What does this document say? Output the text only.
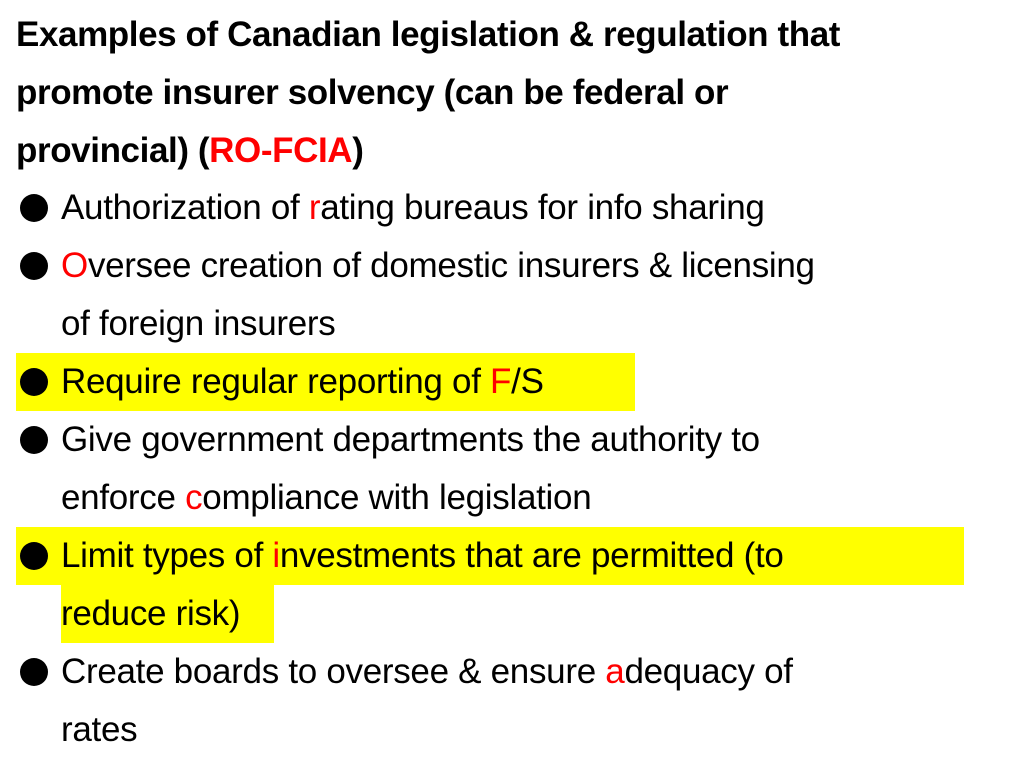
Examples of Canadian legislation & regulation that
promote insurer solvency (can be federal or
provincial) (RO-FCIA)
Authorization of rating bureaus for info sharing
Oversee creation of domestic insurers & licensing
of foreign insurers
Require regular reporting of F/S
Give government departments the authority to
enforce compliance with legislation
Limit types of investments that are permitted (to
reduce risk)
Create boards to oversee & ensure adequacy of
rates
